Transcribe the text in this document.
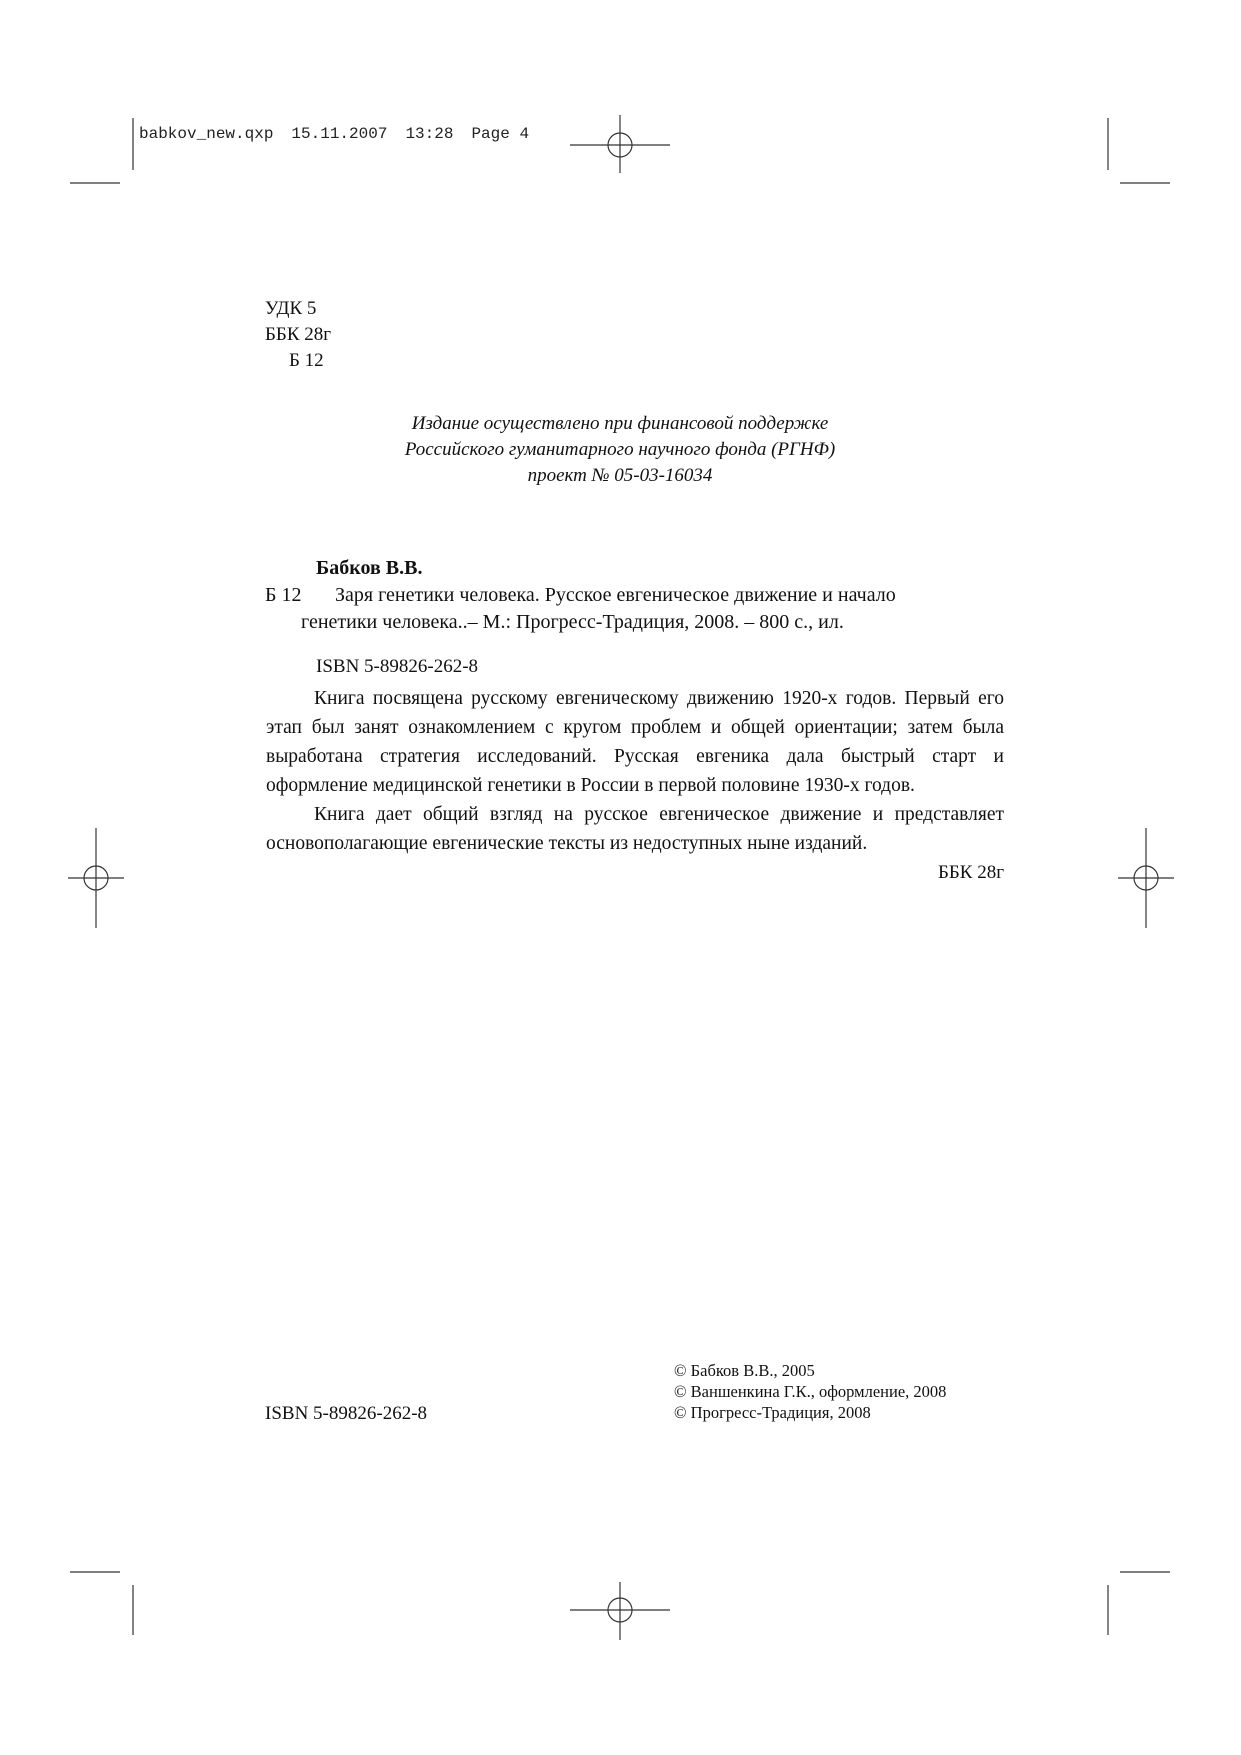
babkov_new.qxp 15.11.2007 13:28 Page 4
УДК 5
ББК 28г
Б 12
Издание осуществлено при финансовой поддержке
Российского гуманитарного научного фонда (РГНФ)
проект № 05-03-16034
Бабков В.В.
Б 12 Заря генетики человека. Русское евгеническое движение и начало
генетики человека..– М.: Прогресс-Традиция, 2008. – 800 с., ил.
ISBN 5-89826-262-8
Книга посвящена русскому евгеническому движению 1920-х годов. Первый его этап был занят ознакомлением с кругом проблем и общей ориентации; затем была выработана стратегия исследований. Русская евгеника дала быстрый старт и оформление медицинской генетики в России в первой половине 1930-х годов.
Книга дает общий взгляд на русское евгеническое движение и представляет основополагающие евгенические тексты из недоступных ныне изданий.
ББК 28г
ISBN 5-89826-262-8
© Бабков В.В., 2005
© Ваншенкина Г.К., оформление, 2008
© Прогресс-Традиция, 2008
